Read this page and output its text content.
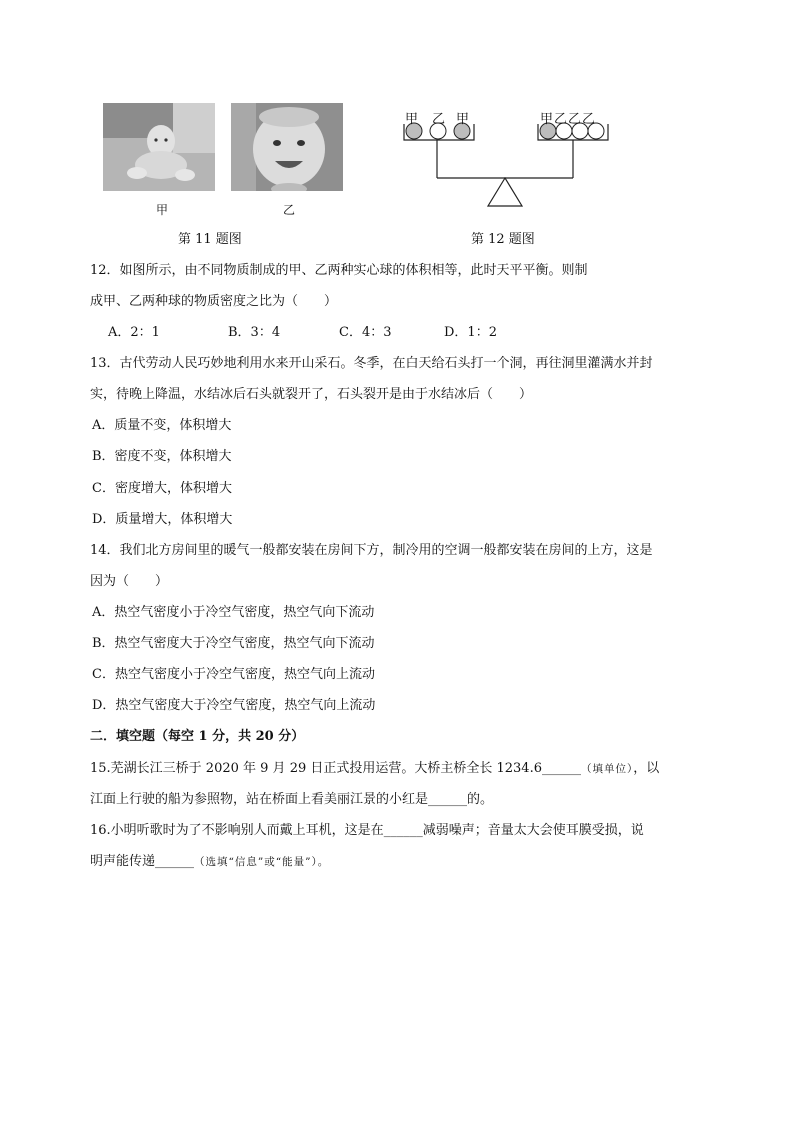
甲	乙
第 11 题图
甲 乙 甲	甲乙乙乙
第 12 题图
12．如图所示，由不同物质制成的甲、乙两种实心球的体积相等，此时天平平衡。则制
成甲、乙两种球的物质密度之比为（　　）
A．2：1	B．3：4	C．4：3	D．1：2
13．古代劳动人民巧妙地利用水来开山采石。冬季，在白天给石头打一个洞，再往洞里灌满水并封
实，待晚上降温，水结冰后石头就裂开了，石头裂开是由于水结冰后（　　）
A．质量不变，体积增大
B．密度不变，体积增大
C．密度增大，体积增大
D．质量增大，体积增大
14．我们北方房间里的暖气一般都安装在房间下方，制冷用的空调一般都安装在房间的上方，这是
因为（　　）
A．热空气密度小于冷空气密度，热空气向下流动
B．热空气密度大于冷空气密度，热空气向下流动
C．热空气密度小于冷空气密度，热空气向上流动
D．热空气密度大于冷空气密度，热空气向上流动
二．填空题（每空 1 分，共 20 分）
15.芜湖长江三桥于 2020 年 9 月 29 日正式投用运营。大桥主桥全长 1234.6______（填单位），以
江面上行驶的船为参照物，站在桥面上看美丽江景的小红是______的。
16.小明听歌时为了不影响别人而戴上耳机，这是在______减弱噪声；音量太大会使耳膜受损，说
明声能传递______（选填“信息”或“能量”）。
